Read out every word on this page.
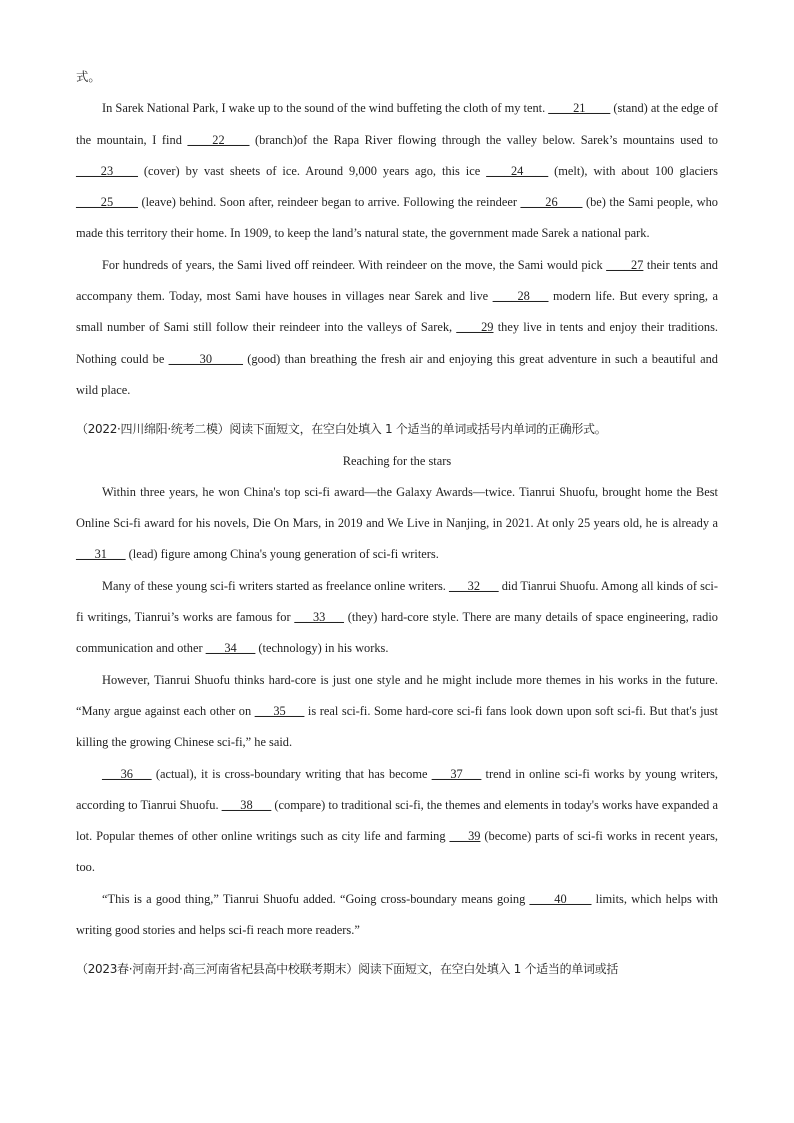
式。

In Sarek National Park, I wake up to the sound of the wind buffeting the cloth of my tent. ____21____ (stand) at the edge of the mountain, I find ____22____ (branch)of the Rapa River flowing through the valley below. Sarek’s mountains used to ____23____ (cover) by vast sheets of ice. Around 9,000 years ago, this ice ____24____ (melt), with about 100 glaciers ____25____ (leave) behind. Soon after, reindeer began to arrive. Following the reindeer ____26____ (be) the Sami people, who made this territory their home. In 1909, to keep the land’s natural state, the government made Sarek a national park.

For hundreds of years, the Sami lived off reindeer. With reindeer on the move, the Sami would pick ____27 their tents and accompany them. Today, most Sami have houses in villages near Sarek and live ____28___ modern life. But every spring, a small number of Sami still follow their reindeer into the valleys of Sarek, ____29 they live in tents and enjoy their traditions. Nothing could be _____30_____ (good) than breathing the fresh air and enjoying this great adventure in such a beautiful and wild place.

（2022·四川绵阳·统考二模）阅读下面短文，在空白处填入 1 个适当的单词或括号内单词的正确形式。

Reaching for the stars

Within three years, he won China's top sci-fi award—the Galaxy Awards—twice. Tianrui Shuofu, brought home the Best Online Sci-fi award for his novels, Die On Mars, in 2019 and We Live in Nanjing, in 2021. At only 25 years old, he is already a ___31___ (lead) figure among China's young generation of sci-fi writers.

Many of these young sci-fi writers started as freelance online writers. ___32___ did Tianrui Shuofu. Among all kinds of sci-fi writings, Tianrui’s works are famous for ___33___ (they) hard-core style. There are many details of space engineering, radio communication and other ___34___ (technology) in his works.

However, Tianrui Shuofu thinks hard-core is just one style and he might include more themes in his works in the future. “Many argue against each other on ___35___ is real sci-fi. Some hard-core sci-fi fans look down upon soft sci-fi. But that's just killing the growing Chinese sci-fi,” he said.

___36___ (actual), it is cross-boundary writing that has become ___37___ trend in online sci-fi works by young writers, according to Tianrui Shuofu. ___38___ (compare) to traditional sci-fi, the themes and elements in today's works have expanded a lot. Popular themes of other online writings such as city life and farming ___39 (become) parts of sci-fi works in recent years, too.

“This is a good thing,” Tianrui Shuofu added. “Going cross-boundary means going ____40____ limits, which helps with writing good stories and helps sci-fi reach more readers.”

（2023春·河南开封·高三河南省杞县高中校联考期末）阅读下面短文，在空白处填入 1 个适当的单词或括
